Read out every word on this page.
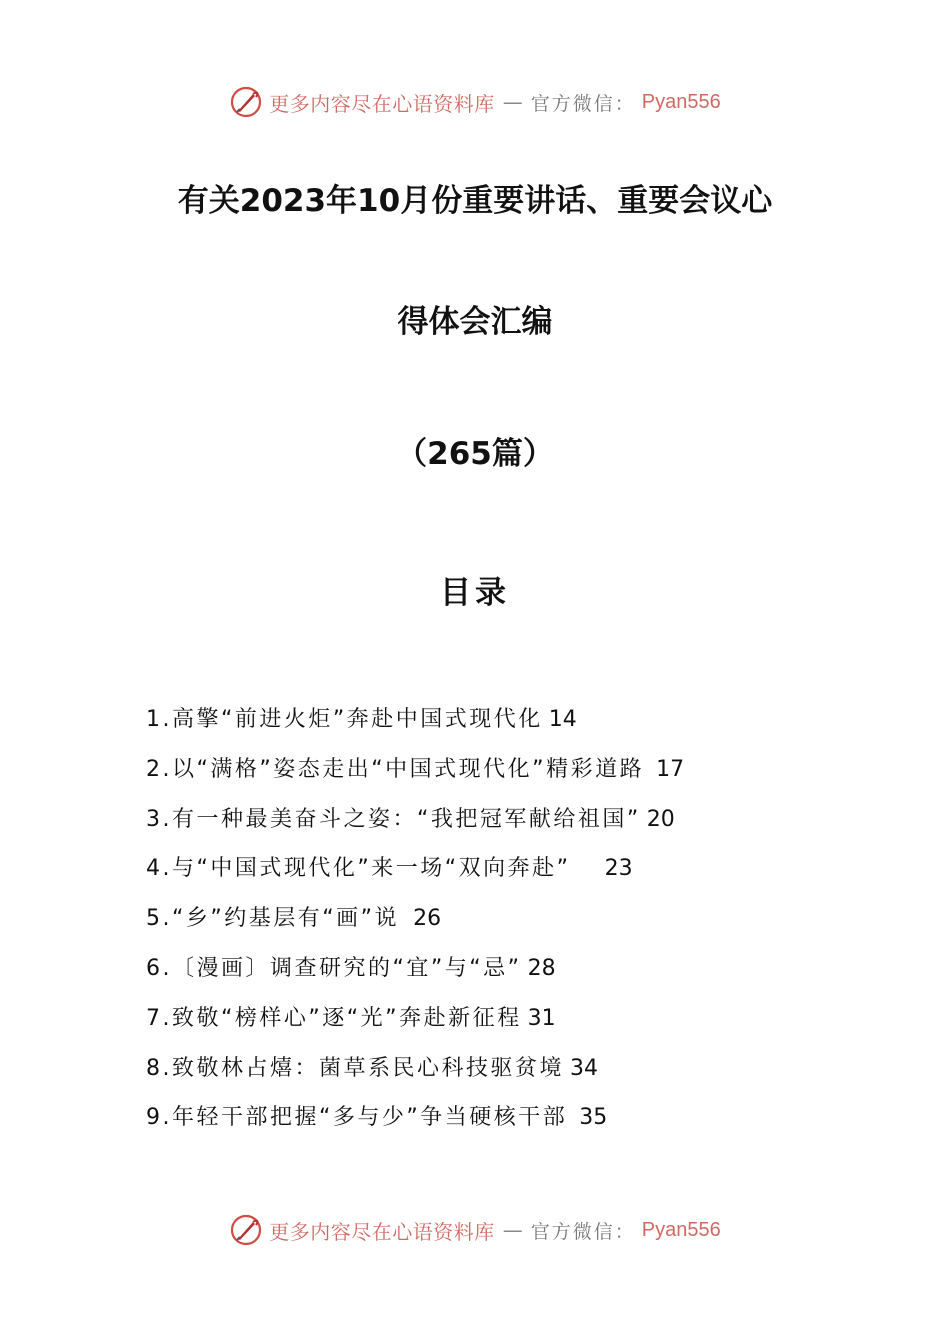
更多内容尽在心语资料库 — 官方微信： Pyan556
有关2023年10月份重要讲话、重要会议心
得体会汇编
（265篇）
目录
1.高擎“前进火炬”奔赴中国式现代化 14
2.以“满格”姿态走出“中国式现代化”精彩道路 17
3.有一种最美奋斗之姿：“我把冠军献给祖国” 20
4.与“中国式现代化”来一场“双向奔赴” 23
5.“乡”约基层有“画”说 26
6.〔漫画〕调查研究的“宜”与“忌” 28
7.致敬“榜样心”逐“光”奔赴新征程 31
8.致敬林占熺：菌草系民心科技驱贫境 34
9.年轻干部把握“多与少”争当硬核干部 35
更多内容尽在心语资料库 — 官方微信： Pyan556
